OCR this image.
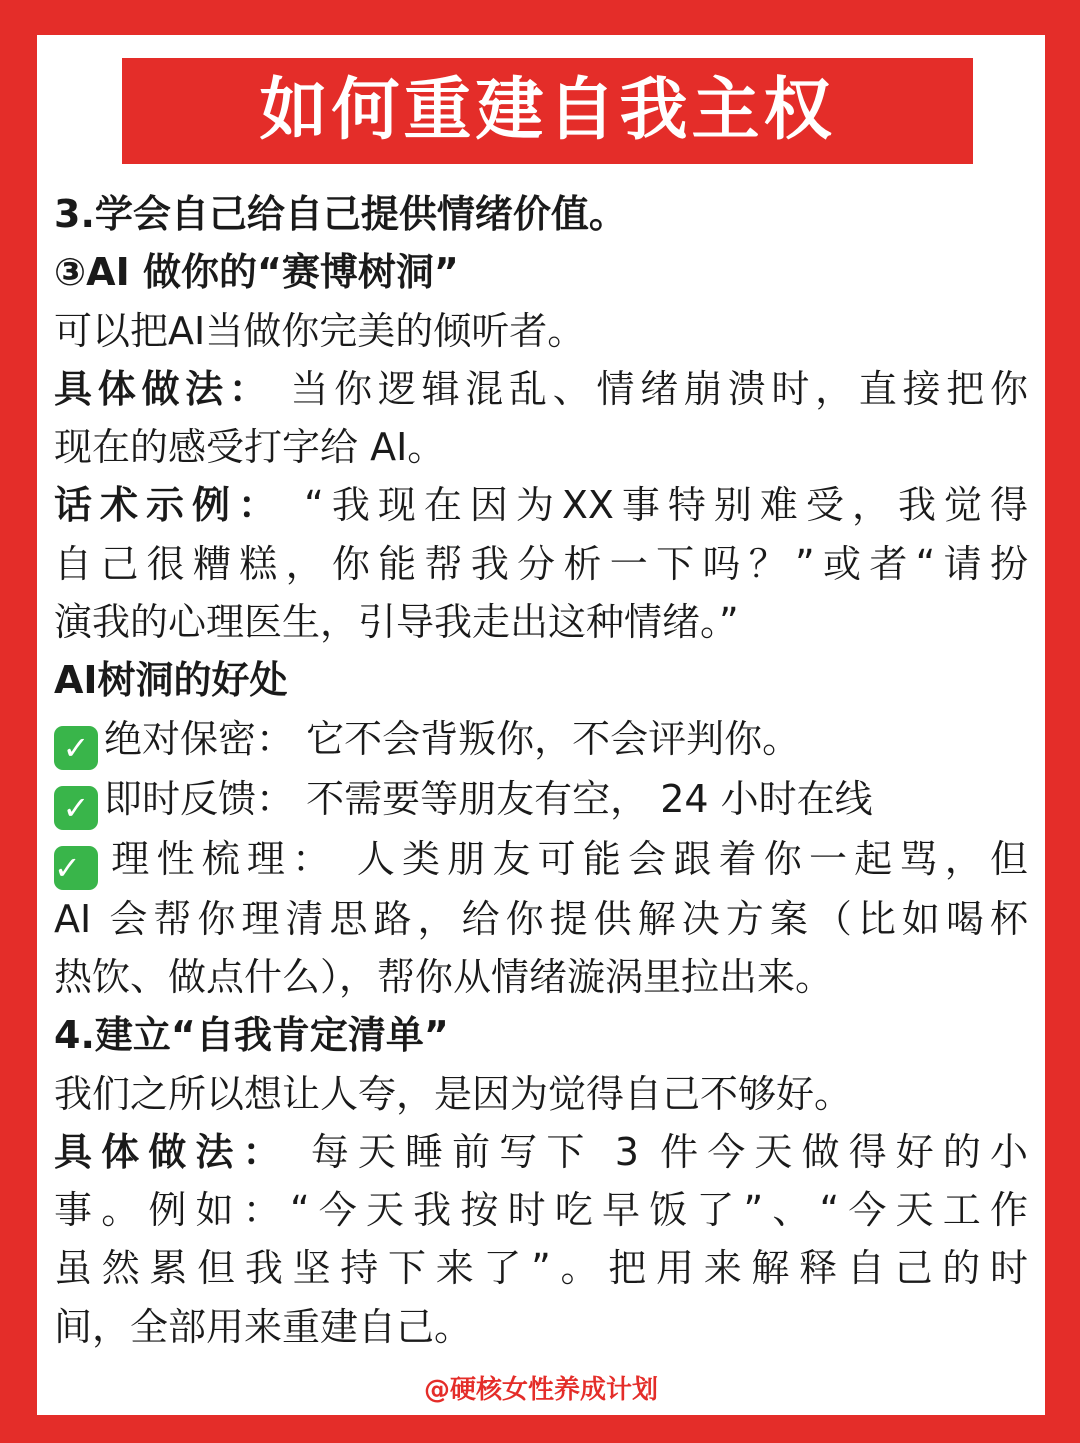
如何重建自我主权
3.学会自己给自己提供情绪价值。
③AI 做你的“赛博树洞”
可以把AI当做你完美的倾听者。
具体做法： 当你逻辑混乱、情绪崩溃时，直接把你
现在的感受打字给 AI。
话术示例： “我现在因为XX事特别难受，我觉得
自己很糟糕，你能帮我分析一下吗？”或者“请扮
演我的心理医生，引导我走出这种情绪。”
AI树洞的好处
✓ 绝对保密： 它不会背叛你，不会评判你。
✓ 即时反馈： 不需要等朋友有空， 24 小时在线
✓ 理性梳理： 人类朋友可能会跟着你一起骂，但
AI 会帮你理清思路，给你提供解决方案（比如喝杯
热饮、做点什么），帮你从情绪漩涡里拉出来。
4.建立“自我肯定清单”
我们之所以想让人夸，是因为觉得自己不够好。
具体做法： 每天睡前写下 3 件今天做得好的小
事。例如：“今天我按时吃早饭了”、“今天工作
虽然累但我坚持下来了”。把用来解释自己的时
间，全部用来重建自己。
@硬核女性养成计划
